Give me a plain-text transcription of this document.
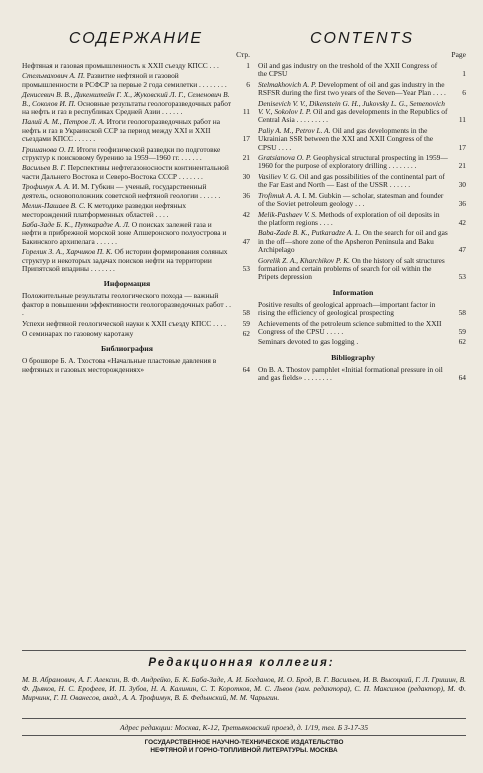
СОДЕРЖАНИЕ
Стр.
Нефтяная и газовая промышленность к XXII съезду КПСС . . .	1
Стельмахович А. П. Развитие нефтяной и газовой промышленности в РСФСР за первые 2 года семилетки . . . . . . . .	6
Денисевич В. В., Дикенштейн Г. Х., Жуковский Л. Г., Семенович В. В., Соколов И. П. Основные результаты геологоразведочных работ на нефть и газ в республиках Средней Азии . . . . . .	11
Палий А. М., Петров Л. А. Итоги геологоразведочных работ на нефть и газ в Украинской ССР за период между XXI и XXII съездами КПСС . . . . . .	17
Гришанова О. П. Итоги геофизической разведки по подготовке структур к поисковому бурению за 1959—1960 гг. . . . . . .	21
Васильев В. Г. Перспективы нефтегазоносности континентальной части Дальнего Востока и Северо-Востока СССР . . . . . . .	30
Трофимук А. А. И. М. Губкин — ученый, государственный деятель, основоположник советской нефтяной геологии . . . . . .	36
Мелик-Пашаев В. С. К методике разведки нефтяных месторождений платформенных областей . . . .	42
Баба-Заде Б. К., Путкарадзе А. Л. О поисках залежей газа и нефти в прибрежной морской зоне Апшеронского полуострова и Бакинского архипелага . . . . . .	47
Горелик З. А., Харчиков П. К. Об истории формирования соляных структур и некоторых задачах поисков нефти на территории Припятской впадины . . . . . . .	53
Информация
Положительные результаты геологического похода — важный фактор в повышении эффективности геологоразведочных работ . . .	58
Успехи нефтяной геологической науки к XXII съезду КПСС . . . . 59
О семинарах по газовому каротажу	62
Библиография
О брошюре Б. А. Тхостова «Начальные пластовые давления в нефтяных и газовых месторождениях»	64
CONTENTS
Page
Oil and gas industry on the treshold of the XXII Congress of the CPSU	1
Stelmakhovich A. P. Development of oil and gas industry in the RSFSR during the first two years of the Seven—Year Plan . . . . 6
Denisevich V. V., Dikenstein G. H., Jukovsky L. G., Semenovich V. V., Sokolov I. P. Oil and gas developments in the Republics of Central Asia . . . . . . . . .	11
Paliy A. M., Petrov L. A. Oil and gas developments in the Ukrainian SSR between the XXI and XXII Congress of the CPSU . . . .	17
Gratsianova O. P. Geophysical structural prospecting in 1959—1960 for the purpose of exploratory drilling . . . . . . . .	21
Vasiliev V. G. Oil and gas possibilities of the continental part of the Far East and North — East of the USSR . . . . . .	30
Trofimuk A. A. I. M. Gubkin — scholar, statesman and founder of the Soviet petroleum geology . . .	36
Melik-Pashaev V. S. Methods of exploration of oil deposits in the platform regions . . . .	42
Baba-Zade B. K., Putkaradze A. L. On the search for oil and gas in the off—shore zone of the Apsheron Peninsula and Baku Archipelago	47
Gorelik Z. A., Kharchikov P. K. On the history of salt structures formation and certain problems of search for oil within the Pripets depression	53
Information
Positive results of geological approach—important factor in rising the efficiency of geological prospecting	58
Achievements of the petroleum science submitted to the XXII Congress of the CPSU . . . . .	59
Seminars devoted to gas logging .	62
Bibliography
On B. A. Thostov pamphlet «Initial formational pressure in oil and gas fields» . . . . . . . .	64
Редакционная коллегия:
М. В. Абрамович, А. Г. Алексин, В. Ф. Андрейко, Б. К. Баба-Заде, А. И. Богданов, И. О. Брод, В. Г. Васильев, И. В. Высоцкий, Г. Л. Гришин, В. Ф. Дьяков, Н. С. Ерофеев, И. П. Зубов, Н. А. Калинин, С. Т. Коротков, М. С. Львов (зам. редактора), С. П. Максимов (редактор), М. Ф. Мирчинк, Г. П. Ованесов, акад., А. А. Трофимук, В. Б. Федынский, М. М. Чарыгин.
Адрес редакции: Москва, К-12, Третьяковский проезд, д. 1/19, тел. Б 3-17-35
ГОСУДАРСТВЕННОЕ НАУЧНО-ТЕХНИЧЕСКОЕ ИЗДАТЕЛЬСТВО
НЕФТЯНОЙ И ГОРНО-ТОПЛИВНОЙ ЛИТЕРАТУРЫ. МОСКВА
